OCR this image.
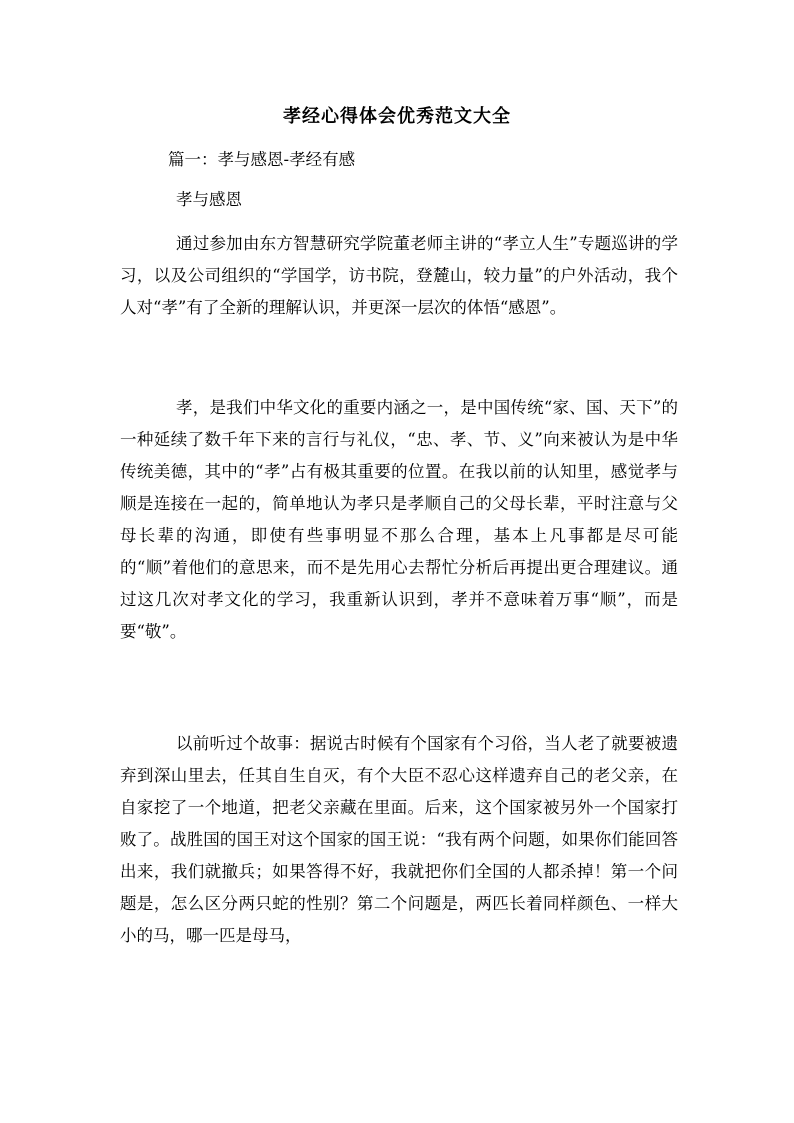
孝经心得体会优秀范文大全
篇一：孝与感恩-孝经有感
孝与感恩

通过参加由东方智慧研究学院董老师主讲的“孝立人生”专题巡讲的学习，以及公司组织的“学国学，访书院，登麓山，较力量”的户外活动，我个人对“孝”有了全新的理解认识，并更深一层次的体悟“感恩”。

孝，是我们中华文化的重要内涵之一，是中国传统“家、国、天下”的一种延续了数千年下来的言行与礼仪，“忠、孝、节、义”向来被认为是中华传统美德，其中的“孝”占有极其重要的位置。在我以前的认知里，感觉孝与顺是连接在一起的，简单地认为孝只是孝顺自己的父母长辈，平时注意与父母长辈的沟通，即使有些事明显不那么合理，基本上凡事都是尽可能的“顺”着他们的意思来，而不是先用心去帮忙分析后再提出更合理建议。通过这几次对孝文化的学习，我重新认识到，孝并不意味着万事“顺”，而是要“敬”。

以前听过个故事：据说古时候有个国家有个习俗，当人老了就要被遗弃到深山里去，任其自生自灭，有个大臣不忍心这样遗弃自己的老父亲，在自家挖了一个地道，把老父亲藏在里面。后来，这个国家被另外一个国家打败了。战胜国的国王对这个国家的国王说：“我有两个问题，如果你们能回答出来，我们就撤兵；如果答得不好，我就把你们全国的人都杀掉！第一个问题是，怎么区分两只蛇的性别？第二个问题是，两匹长着同样颜色、一样大小的马，哪一匹是母马，
